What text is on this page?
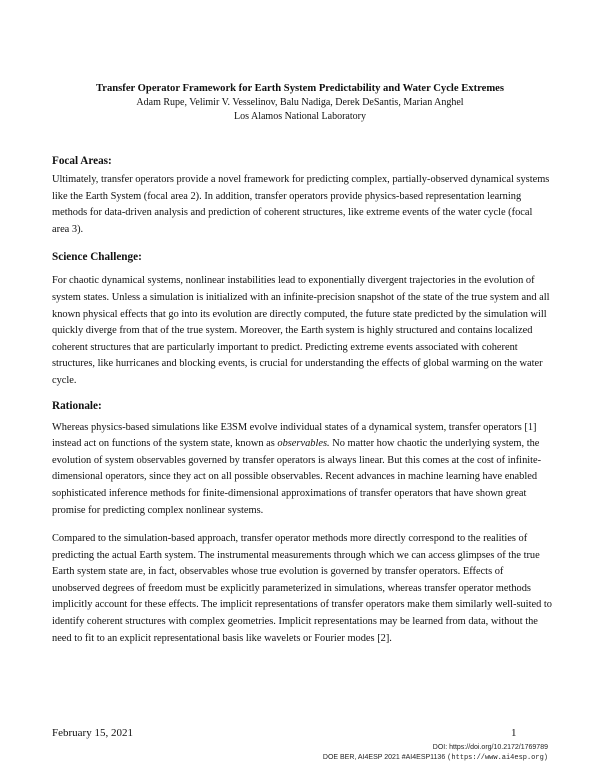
Transfer Operator Framework for Earth System Predictability and Water Cycle Extremes
Adam Rupe, Velimir V. Vesselinov, Balu Nadiga, Derek DeSantis, Marian Anghel
Los Alamos National Laboratory
Focal Areas:

Ultimately, transfer operators provide a novel framework for predicting complex, partially-observed dynamical systems like the Earth System (focal area 2). In addition, transfer operators provide physics-based representation learning methods for data-driven analysis and prediction of coherent structures, like extreme events of the water cycle (focal area 3).

Science Challenge:

For chaotic dynamical systems, nonlinear instabilities lead to exponentially divergent trajectories in the evolution of system states. Unless a simulation is initialized with an infinite-precision snapshot of the state of the true system and all known physical effects that go into its evolution are directly computed, the future state predicted by the simulation will quickly diverge from that of the true system. Moreover, the Earth system is highly structured and contains localized coherent structures that are particularly important to predict. Predicting extreme events associated with coherent structures, like hurricanes and blocking events, is crucial for understanding the effects of global warming on the water cycle.

Rationale:

Whereas physics-based simulations like E3SM evolve individual states of a dynamical system, transfer operators [1] instead act on functions of the system state, known as observables. No matter how chaotic the underlying system, the evolution of system observables governed by transfer operators is always linear. But this comes at the cost of infinite-dimensional operators, since they act on all possible observables. Recent advances in machine learning have enabled sophisticated inference methods for finite-dimensional approximations of transfer operators that have shown great promise for predicting complex nonlinear systems.

Compared to the simulation-based approach, transfer operator methods more directly correspond to the realities of predicting the actual Earth system. The instrumental measurements through which we can access glimpses of the true Earth system state are, in fact, observables whose true evolution is governed by transfer operators. Effects of unobserved degrees of freedom must be explicitly parameterized in simulations, whereas transfer operator methods implicitly account for these effects. The implicit representations of transfer operators make them similarly well-suited to identify coherent structures with complex geometries. Implicit representations may be learned from data, without the need to fit to an explicit representational basis like wavelets or Fourier modes [2].

February 15, 2021	1
DOI: https://doi.org/10.2172/1769789
DOE BER, AI4ESP 2021 #AI4ESP1136 (https://www.ai4esp.org)
